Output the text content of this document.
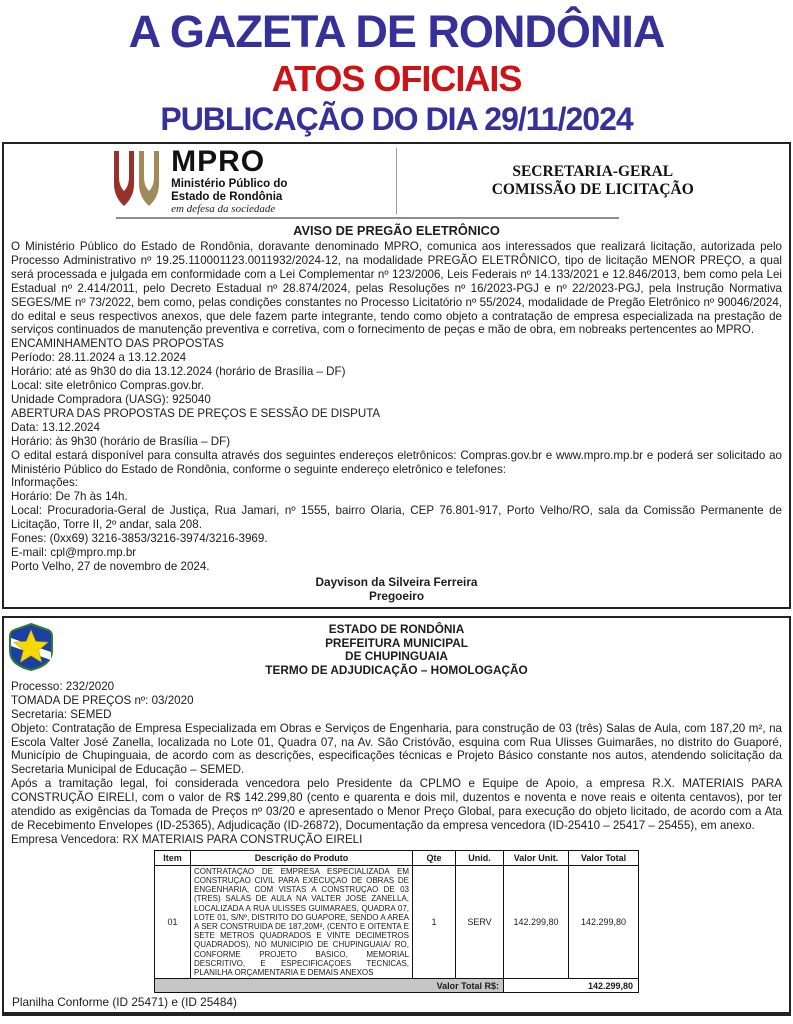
A GAZETA DE RONDÔNIA
ATOS OFICIAIS
PUBLICAÇÃO DO DIA 29/11/2024
MPRO
Ministério Público do
Estado de Rondônia
em defesa da sociedade
SECRETARIA-GERAL
COMISSÃO DE LICITAÇÃO
AVISO DE PREGÃO ELETRÔNICO
O Ministério Público do Estado de Rondônia, doravante denominado MPRO, comunica aos interessados que realizará licitação, autorizada pelo Processo Administrativo nº 19.25.110001123.0011932/2024-12, na modalidade PREGÃO ELETRÔNICO, tipo de licitação MENOR PREÇO, a qual será processada e julgada em conformidade com a Lei Complementar nº 123/2006, Leis Federais nº 14.133/2021 e 12.846/2013, bem como pela Lei Estadual nº 2.414/2011, pelo Decreto Estadual nº 28.874/2024, pelas Resoluções nº 16/2023-PGJ e nº 22/2023-PGJ, pela Instrução Normativa SEGES/ME nº 73/2022, bem como, pelas condições constantes no Processo Licitatório nº 55/2024, modalidade de Pregão Eletrônico nº 90046/2024, do edital e seus respectivos anexos, que dele fazem parte integrante, tendo como objeto a contratação de empresa especializada na prestação de serviços continuados de manutenção preventiva e corretiva, com o fornecimento de peças e mão de obra, em nobreaks pertencentes ao MPRO.
ENCAMINHAMENTO DAS PROPOSTAS
Período: 28.11.2024 a 13.12.2024
Horário: até as 9h30 do dia 13.12.2024 (horário de Brasília – DF)
Local: site eletrônico Compras.gov.br.
Unidade Compradora (UASG): 925040
ABERTURA DAS PROPOSTAS DE PREÇOS E SESSÃO DE DISPUTA
Data: 13.12.2024
Horário: às 9h30 (horário de Brasília – DF)
O edital estará disponível para consulta através dos seguintes endereços eletrônicos: Compras.gov.br e www.mpro.mp.br e poderá ser solicitado ao Ministério Público do Estado de Rondônia, conforme o seguinte endereço eletrônico e telefones:
Informações:
Horário: De 7h às 14h.
Local: Procuradoria-Geral de Justiça, Rua Jamari, nº 1555, bairro Olaria, CEP 76.801-917, Porto Velho/RO, sala da Comissão Permanente de Licitação, Torre II, 2º andar, sala 208.
Fones: (0xx69) 3216-3853/3216-3974/3216-3969.
E-mail: cpl@mpro.mp.br
Porto Velho, 27 de novembro de 2024.
Dayvison da Silveira Ferreira
Pregoeiro
ESTADO DE RONDÔNIA
PREFEITURA MUNICIPAL
DE CHUPINGUAIA
TERMO DE ADJUDICAÇÃO – HOMOLOGAÇÃO
Processo: 232/2020
TOMADA DE PREÇOS nº: 03/2020
Secretaria: SEMED
Objeto: Contratação de Empresa Especializada em Obras e Serviços de Engenharia, para construção de 03 (três) Salas de Aula, com 187,20 m², na Escola Valter José Zanella, localizada no Lote 01, Quadra 07, na Av. São Cristóvão, esquina com Rua Ulisses Guimarães, no distrito do Guaporé, Município de Chupinguaia, de acordo com as descrições, especificações técnicas e Projeto Básico constante nos autos, atendendo solicitação da Secretaria Municipal de Educação – SEMED.
Após a tramitação legal, foi considerada vencedora pelo Presidente da CPLMO e Equipe de Apoio, a empresa R.X. MATERIAIS PARA CONSTRUÇÃO EIRELI, com o valor de R$ 142.299,80 (cento e quarenta e dois mil, duzentos e noventa e nove reais e oitenta centavos), por ter atendido as exigências da Tomada de Preços nº 03/20 e apresentado o Menor Preço Global, para execução do objeto licitado, de acordo com a Ata de Recebimento Envelopes (ID-25365), Adjudicação (ID-26872), Documentação da empresa vencedora (ID-25410 – 25417 – 25455), em anexo.
Empresa Vencedora: RX MATERIAIS PARA CONSTRUÇÃO EIRELI
Item	Descrição do Produto	Qte	Unid.	Valor Unit.	Valor Total
01	CONTRATAÇAO DE EMPRESA ESPECIALIZADA EM CONSTRUÇAO CIVIL PARA EXECUÇAO DE OBRAS DE ENGENHARIA, COM VISTAS A CONSTRUÇAO DE 03 (TRES) SALAS DE AULA NA VALTER JOSE ZANELLA, LOCALIZADA A RUA ULISSES GUIMARAES, QUADRA 07, LOTE 01, S/Nº, DISTRITO DO GUAPORE, SENDO A AREA A SER CONSTRUIDA DE 187,20M², (CENTO E OITENTA E SETE METROS QUADRADOS E VINTE DECIMETROS QUADRADOS), NO MUNICIPIO DE CHUPINGUAIA/ RO, CONFORME PROJETO BASICO, MEMORIAL DESCRITIVO, E ESPECIFICAÇOES TECNICAS, PLANILHA ORÇAMENTARIA E DEMAIS ANEXOS	1	SERV	142.299,80	142.299,80
Valor Total R$:				142.299,80	
Planilha Conforme (ID 25471) e (ID 25484)
